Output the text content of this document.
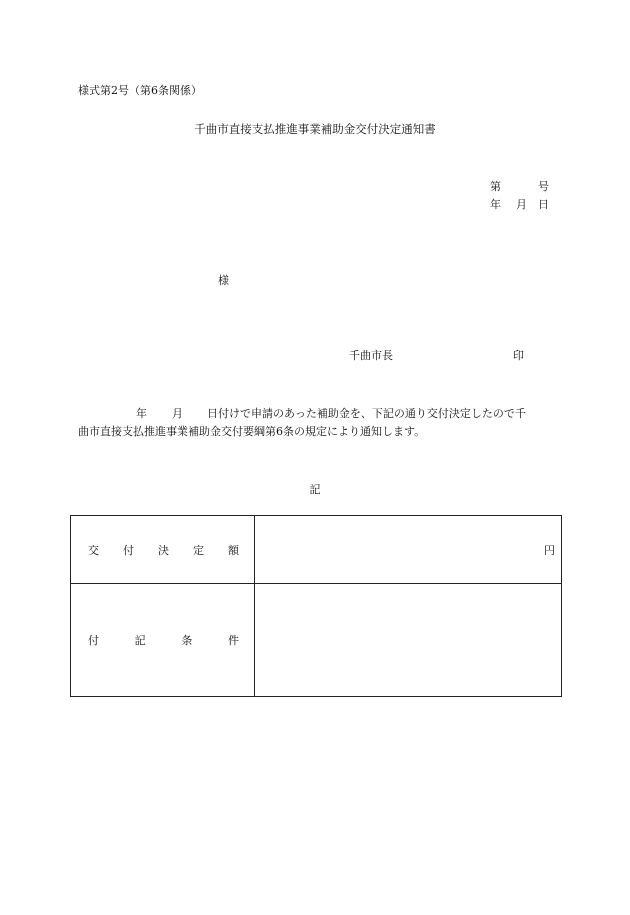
様式第2号（第6条関係）
千曲市直接支払推進事業補助金交付決定通知書
第	号
年 月 日
様
千曲市長	印
年 月 日付けで申請のあった補助金を、下記の通り交付決定したので千
曲市直接支払推進事業補助金交付要綱第6条の規定により通知します。
記
交 付 決 定 額	円

付 記 条 件	
